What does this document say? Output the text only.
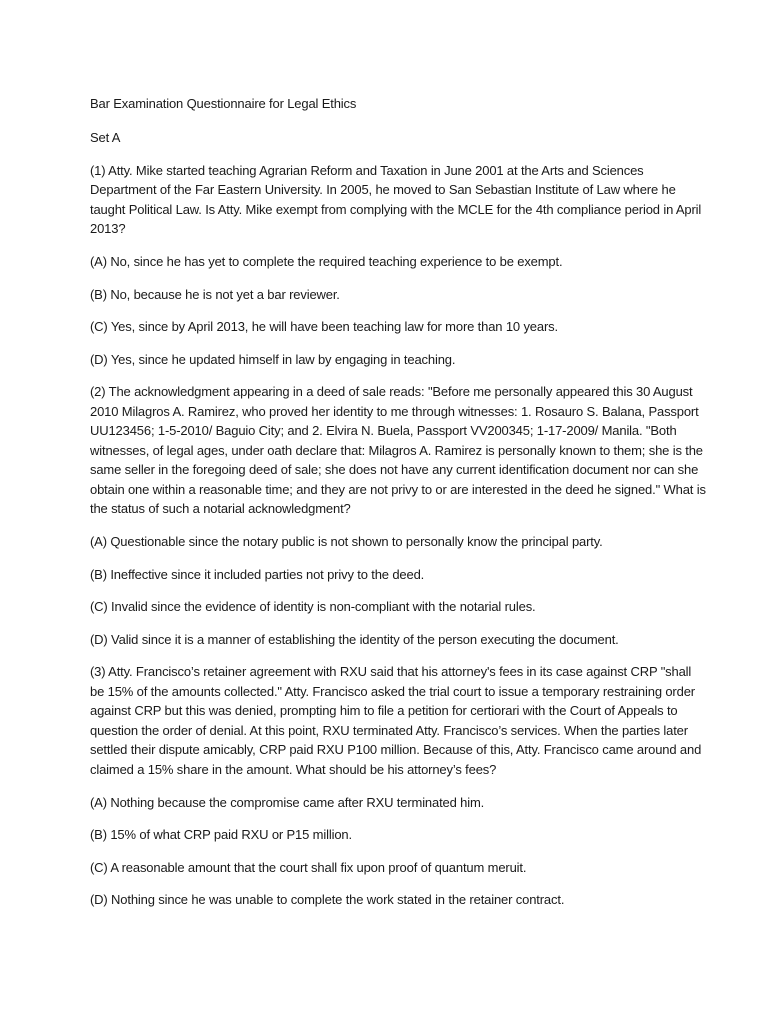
Bar Examination Questionnaire for Legal Ethics

Set A

(1) Atty. Mike started teaching Agrarian Reform and Taxation in June 2001 at the Arts and Sciences Department of the Far Eastern University. In 2005, he moved to San Sebastian Institute of Law where he taught Political Law. Is Atty. Mike exempt from complying with the MCLE for the 4th compliance period in April 2013?

(A) No, since he has yet to complete the required teaching experience to be exempt.

(B) No, because he is not yet a bar reviewer.

(C) Yes, since by April 2013, he will have been teaching law for more than 10 years.

(D) Yes, since he updated himself in law by engaging in teaching.

(2) The acknowledgment appearing in a deed of sale reads: "Before me personally appeared this 30 August 2010 Milagros A. Ramirez, who proved her identity to me through witnesses: 1. Rosauro S. Balana, Passport UU123456; 1-5-2010/ Baguio City; and 2. Elvira N. Buela, Passport VV200345; 1-17-2009/ Manila. "Both witnesses, of legal ages, under oath declare that: Milagros A. Ramirez is personally known to them; she is the same seller in the foregoing deed of sale; she does not have any current identification document nor can she obtain one within a reasonable time; and they are not privy to or are interested in the deed he signed." What is the status of such a notarial acknowledgment?

(A) Questionable since the notary public is not shown to personally know the principal party.

(B) Ineffective since it included parties not privy to the deed.

(C) Invalid since the evidence of identity is non-compliant with the notarial rules.

(D) Valid since it is a manner of establishing the identity of the person executing the document.

(3) Atty. Francisco’s retainer agreement with RXU said that his attorney's fees in its case against CRP "shall be 15% of the amounts collected." Atty. Francisco asked the trial court to issue a temporary restraining order against CRP but this was denied, prompting him to file a petition for certiorari with the Court of Appeals to question the order of denial. At this point, RXU terminated Atty. Francisco’s services. When the parties later settled their dispute amicably, CRP paid RXU P100 million. Because of this, Atty. Francisco came around and claimed a 15% share in the amount. What should be his attorney’s fees?

(A) Nothing because the compromise came after RXU terminated him.

(B) 15% of what CRP paid RXU or P15 million.

(C) A reasonable amount that the court shall fix upon proof of quantum meruit.

(D) Nothing since he was unable to complete the work stated in the retainer contract.
